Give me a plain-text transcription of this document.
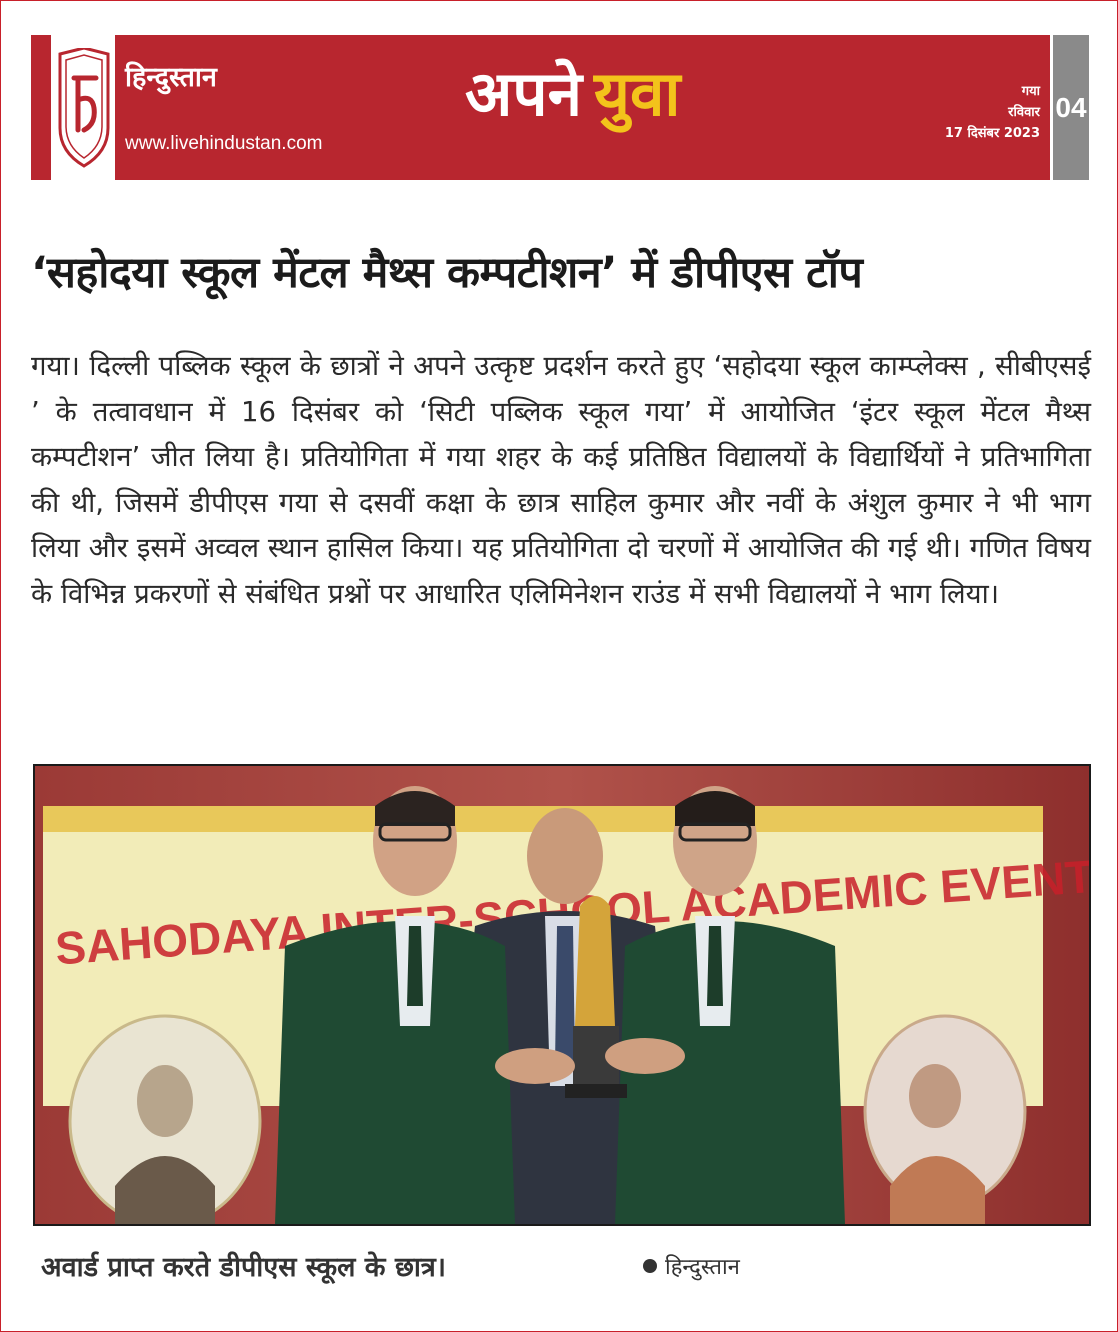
हिन्दुस्तान
www.livehindustan.com
अपने युवा	गया
रविवार
17 दिसंबर 2023
04
‘सहोदया स्कूल मेंटल मैथ्स कम्पटीशन’ में डीपीएस टॉप
गया। दिल्ली पब्लिक स्कूल के छात्रों ने अपने उत्कृष्ट प्रदर्शन करते हुए ‘सहोदया स्कूल काम्प्लेक्स , सीबीएसई ’ के तत्वावधान में 16 दिसंबर को ‘सिटी पब्लिक स्कूल गया’ में आयोजित ‘इंटर स्कूल मेंटल मैथ्स कम्पटीशन’ जीत लिया है। प्रतियोगिता में गया शहर के कई प्रतिष्ठित विद्यालयों के विद्यार्थियों ने प्रतिभागिता की थी, जिसमें डीपीएस गया से दसवीं कक्षा के छात्र साहिल कुमार और नवीं के अंशुल कुमार ने भी भाग लिया और इसमें अव्वल स्थान हासिल किया। यह प्रतियोगिता दो चरणों में आयोजित की गई थी। गणित विषय के विभिन्न प्रकरणों से संबंधित प्रश्नों पर आधारित एलिमिनेशन राउंड में सभी विद्यालयों ने भाग लिया।
SAHODAYA INTER-SCHOOL ACADEMIC EVENT
अवार्ड प्राप्त करते डीपीएस स्कूल के छात्र।	हिन्दुस्तान
